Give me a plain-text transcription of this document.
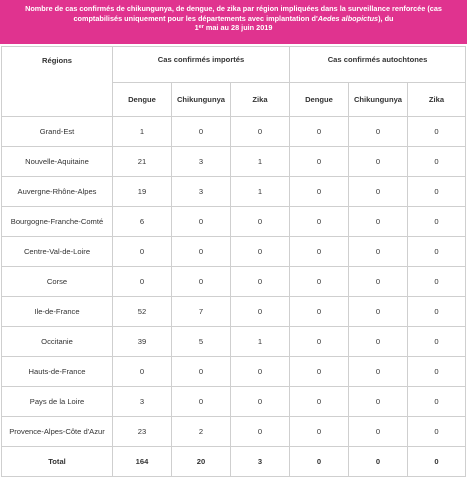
Nombre de cas confirmés de chikungunya, de dengue, de zika par région impliquées dans la surveillance renforcée (cas comptabilisés uniquement pour les départements avec implantation d'Aedes albopictus), du
1er mai au 28 juin 2019
Régions	Cas confirmés importés			Cas confirmés autochtones		
	Dengue	Chikungunya	Zika	Dengue	Chikungunya	Zika
Grand-Est	1	0	0	0	0	0
Nouvelle-Aquitaine	21	3	1	0	0	0
Auvergne-Rhône-Alpes	19	3	1	0	0	0
Bourgogne-Franche-Comté	6	0	0	0	0	0
Centre-Val-de-Loire	0	0	0	0	0	0
Corse	0	0	0	0	0	0
Ile-de-France	52	7	0	0	0	0
Occitanie	39	5	1	0	0	0
Hauts-de-France	0	0	0	0	0	0
Pays de la Loire	3	0	0	0	0	0
Provence-Alpes-Côte d'Azur	23	2	0	0	0	0
Total	164	20	3	0	0	0
